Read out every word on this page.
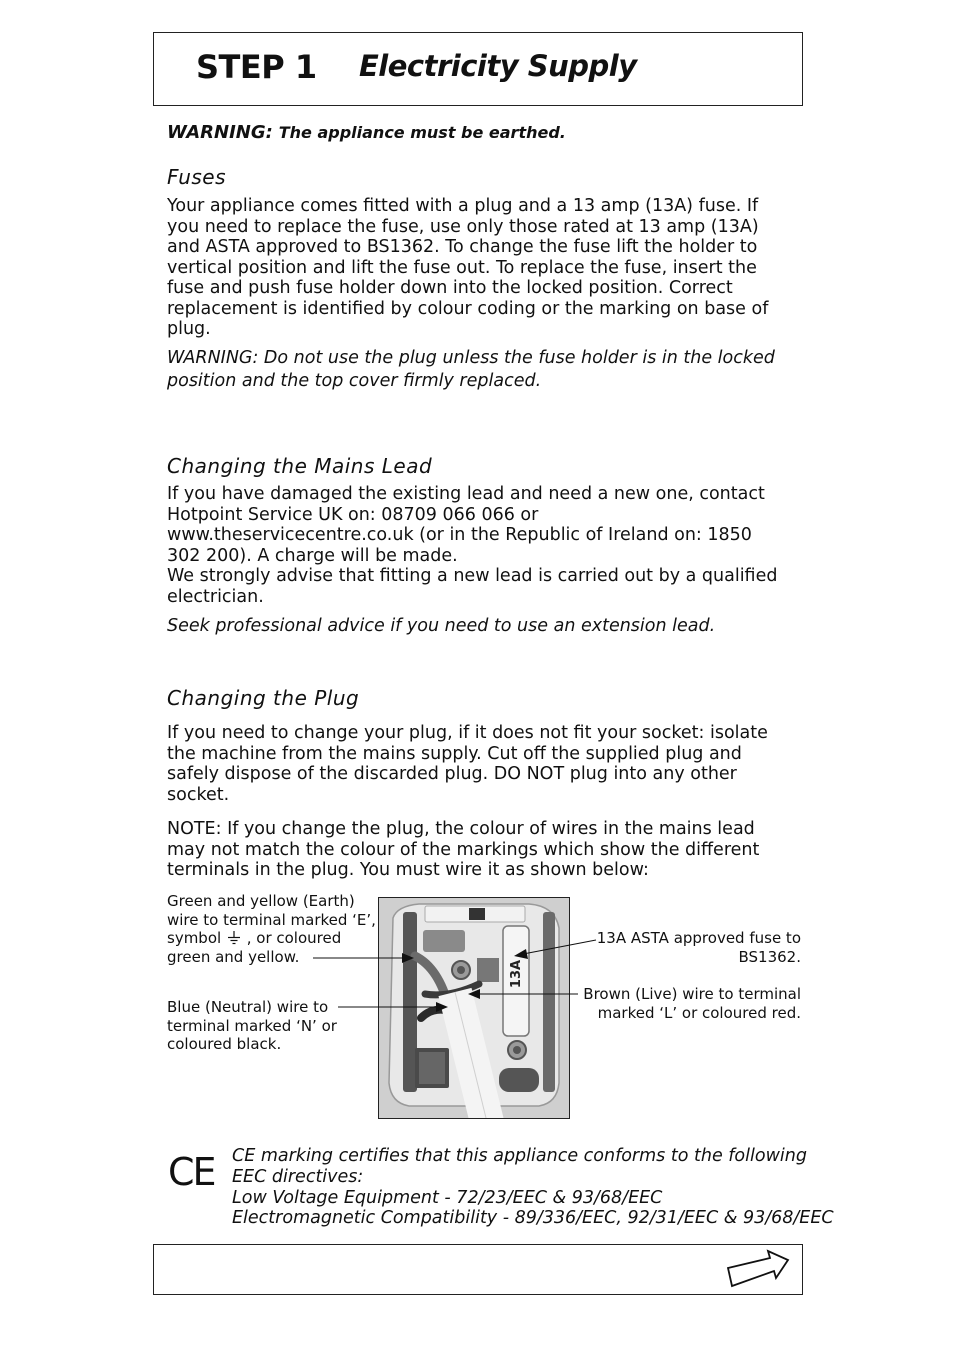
STEP 1 Electricity Supply
WARNING: The appliance must be earthed.
Fuses
Your appliance comes fitted with a plug and a 13 amp (13A) fuse. If
you need to replace the fuse, use only those rated at 13 amp (13A)
and ASTA approved to BS1362. To change the fuse lift the holder to
vertical position and lift the fuse out. To replace the fuse, insert the
fuse and push fuse holder down into the locked position. Correct
replacement is identified by colour coding or the marking on base of
plug.
WARNING: Do not use the plug unless the fuse holder is in the locked
position and the top cover firmly replaced.
Changing the Mains Lead
If you have damaged the existing lead and need a new one, contact
Hotpoint Service UK on: 08709 066 066 or
www.theservicecentre.co.uk (or in the Republic of Ireland on: 1850
302 200). A charge will be made.
We strongly advise that fitting a new lead is carried out by a qualified
electrician.
Seek professional advice if you need to use an extension lead.
Changing the Plug
If you need to change your plug, if it does not fit your socket: isolate
the machine from the mains supply. Cut off the supplied plug and
safely dispose of the discarded plug. DO NOT plug into any other
socket.
NOTE: If you change the plug, the colour of wires in the mains lead
may not match the colour of the markings which show the different
terminals in the plug. You must wire it as shown below:
Green and yellow (Earth)
wire to terminal marked ‘E’,
symbol , or coloured
green and yellow.
Blue (Neutral) wire to
terminal marked ‘N’ or
coloured black.
13A ASTA approved fuse to
BS1362.
Brown (Live) wire to terminal
marked ‘L’ or coloured red.
13A
CE CE marking certifies that this appliance conforms to the following
EEC directives:
Low Voltage Equipment - 72/23/EEC & 93/68/EEC
Electromagnetic Compatibility - 89/336/EEC, 92/31/EEC & 93/68/EEC
